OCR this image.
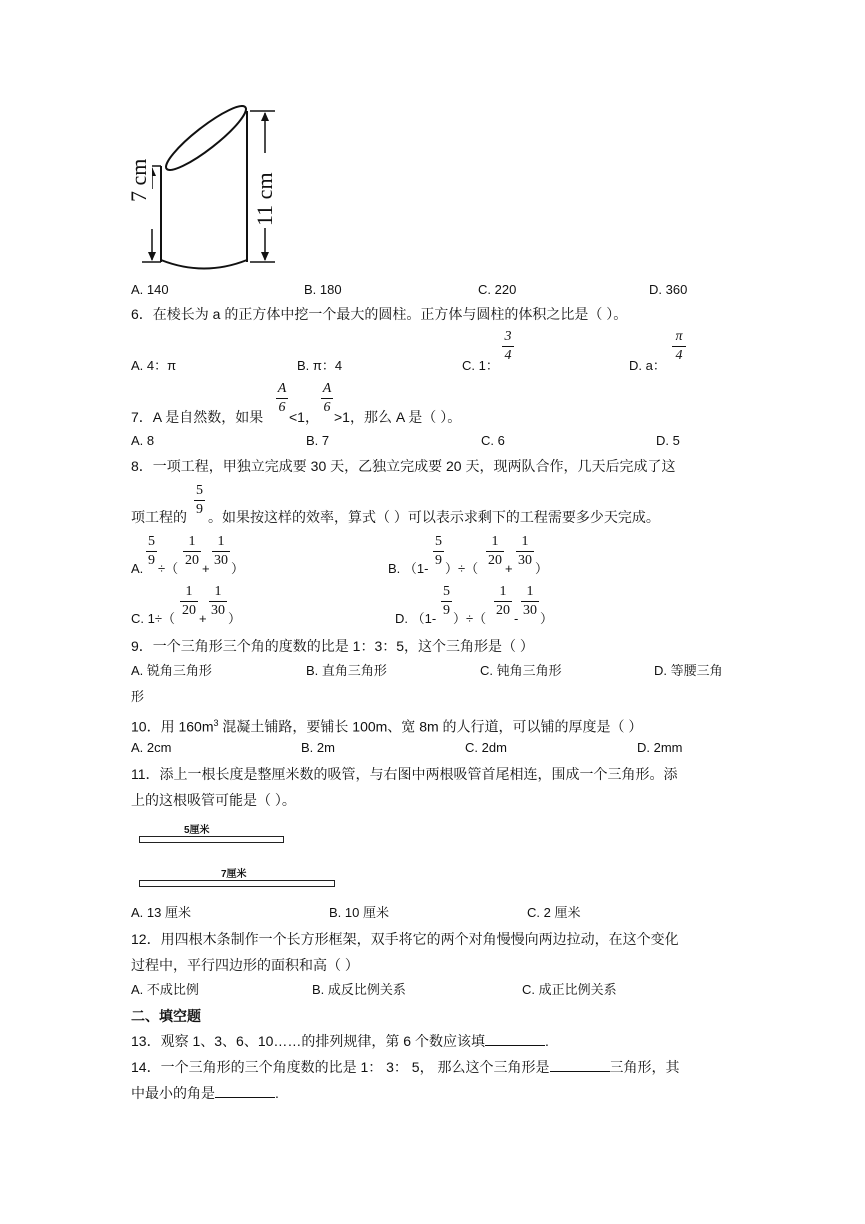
7 cm	11 cm
A. 140	B. 180	C. 220	D. 360
6．在棱长为 a 的正方体中挖一个最大的圆柱。正方体与圆柱的体积之比是（ ）。
A. 4：π	B. π：4	C. 1：
3
4
D. a：
π
4
7．A 是自然数，如果
A
6
<1，
A
6
>1，那么 A 是（ ）。
A. 8	B. 7	C. 6	D. 5
8．一项工程，甲独立完成要 30 天，乙独立完成要 20 天，现两队合作，几天后完成了这
项工程的
5
9 。如果按这样的效率，算式（ ）可以表示求剩下的工程需要多少天完成。
A.
5
9
÷（
1
20
+
1
30
）	B. （1-
5
9
）÷（
1
20
+
1
30
）
C. 1÷（
1
20
+
1
30
）	D. （1-
5
9
）÷（
1
20
-
1
30
）
9．一个三角形三个角的度数的比是 1：3：5，这个三角形是（ ）
A. 锐角三角形	B. 直角三角形	C. 钝角三角形	D. 等腰三角
形
10．用 $160m^3$ 混凝土铺路，要铺长 100m、宽 8m 的人行道，可以铺的厚度是（ ）
A. 2cm	B. 2m	C. 2dm	D. 2mm
11．添上一根长度是整厘米数的吸管，与右图中两根吸管首尾相连，围成一个三角形。添
上的这根吸管可能是（ ）。
5厘米
7厘米
A. 13 厘米	B. 10 厘米	C. 2 厘米
12．用四根木条制作一个长方形框架，双手将它的两个对角慢慢向两边拉动，在这个变化
过程中，平行四边形的面积和高（ ）
A. 不成比例	B. 成反比例关系	C. 成正比例关系
二、填空题
13．观察 1、3、6、10……的排列规律，第 6 个数应该填	.
14．一个三角形的三个角度数的比是 1： 3： 5， 那么这个三角形是	三角形，其
中最小的角是	.
